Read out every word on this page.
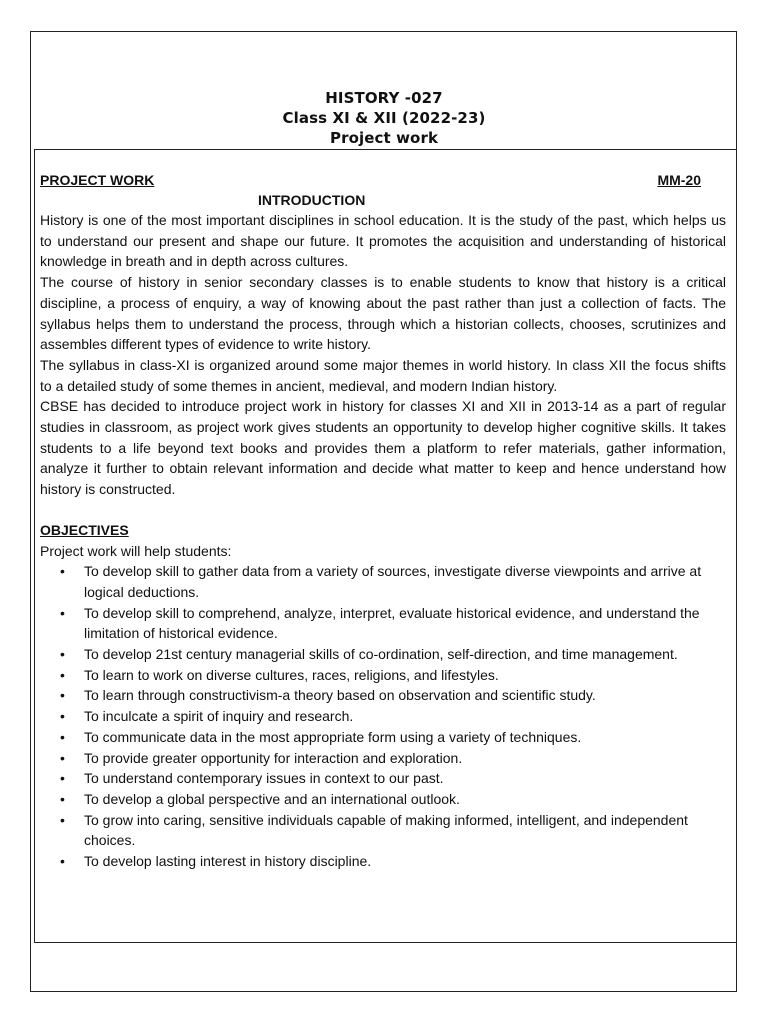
HISTORY -027
Class XI & XII (2022-23)
Project work
PROJECT WORK	MM-20
INTRODUCTION

History is one of the most important disciplines in school education. It is the study of the past, which helps us to understand our present and shape our future. It promotes the acquisition and understanding of historical knowledge in breath and in depth across cultures.

The course of history in senior secondary classes is to enable students to know that history is a critical discipline, a process of enquiry, a way of knowing about the past rather than just a collection of facts. The syllabus helps them to understand the process, through which a historian collects, chooses, scrutinizes and assembles different types of evidence to write history.

The syllabus in class-XI is organized around some major themes in world history. In class XII the focus shifts to a detailed study of some themes in ancient, medieval, and modern Indian history.

CBSE has decided to introduce project work in history for classes XI and XII in 2013-14 as a part of regular studies in classroom, as project work gives students an opportunity to develop higher cognitive skills. It takes students to a life beyond text books and provides them a platform to refer materials, gather information, analyze it further to obtain relevant information and decide what matter to keep and hence understand how history is constructed.

OBJECTIVES

Project work will help students:

• To develop skill to gather data from a variety of sources, investigate diverse viewpoints and arrive at logical deductions.
• To develop skill to comprehend, analyze, interpret, evaluate historical evidence, and understand the limitation of historical evidence.
• To develop 21st century managerial skills of co-ordination, self-direction, and time management.
• To learn to work on diverse cultures, races, religions, and lifestyles.
• To learn through constructivism-a theory based on observation and scientific study.
• To inculcate a spirit of inquiry and research.
• To communicate data in the most appropriate form using a variety of techniques.
• To provide greater opportunity for interaction and exploration.
• To understand contemporary issues in context to our past.
• To develop a global perspective and an international outlook.
• To grow into caring, sensitive individuals capable of making informed, intelligent, and independent choices.
• To develop lasting interest in history discipline.
